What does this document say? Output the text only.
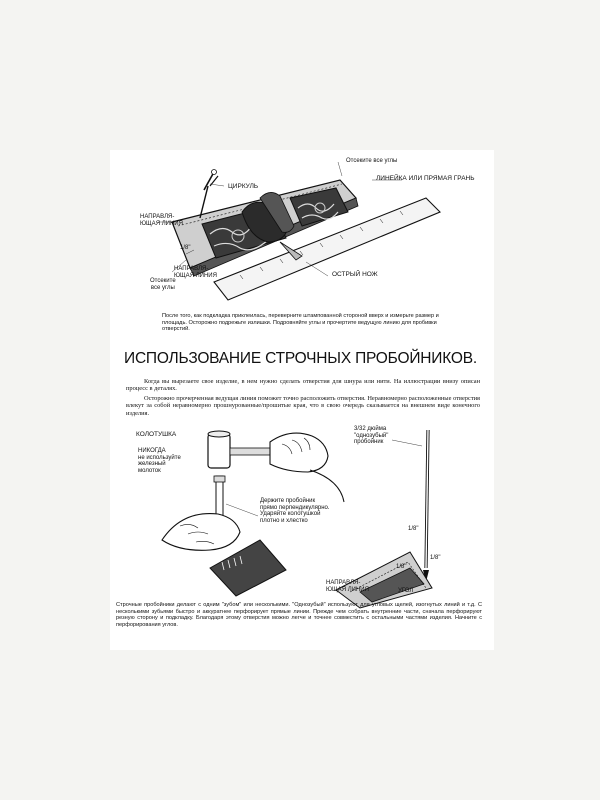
Отсеките все углы
ЦИРКУЛЬ
ЛИНЕЙКА ИЛИ ПРЯМАЯ ГРАНЬ
НАПРАВЛЯ-
ЮЩАЯ ЛИНИЯ
1/8"
НАПРАВЛЯ-
ЮЩАЯ ЛИНИЯ
Отсеките
все углы
ОСТРЫЙ НОЖ
После того, как подкладка приклеилась, переверните штампованной стороной вверх и измерьте размер и площадь. Осторожно подрежьте излишки. Подровняйте углы и прочертите ведущую линию для пробивки отверстий.
ИСПОЛЬЗОВАНИЕ СТРОЧНЫХ ПРОБОЙНИКОВ.
Когда вы вырезаете свое изделие, в нем нужно сделать отверстия для шнура или нити. На иллюстрации внизу описан процесс в деталях.
Осторожно прочерченная ведущая линия поможет точно расположить отверстия. Неравномерно расположенные отверстия влекут за собой неравномерно прошнурованные/прошитые края, что в свою очередь сказывается на внешнем виде конечного изделия.
КОЛОТУШКА
НИКОГДА
не используйте
железный
молоток
Держите пробойник
прямо перпендикулярно.
Ударяйте колотушкой
плотно и хлестко
3/32 дюйма
"однозубый"
пробойник
1/8"
1/8"
1/8"
НАПРАВЛЯ-
ЮЩАЯ ЛИНИЯ	УГОЛ
Строчные пробойники делают с одним "зубом" или несколькими. "Однозубый" используют для угловых щелей, изогнутых линий и т.д. С несколькими зубьями быстро и аккуратнее перфорирует прямые линии. Прежде чем собрать внутренние части, сначала перфорируют резную сторону и подкладку. Благодаря этому отверстия можно легче и точнее совместить с остальными частями изделия. Начните с перфорирования углов.
